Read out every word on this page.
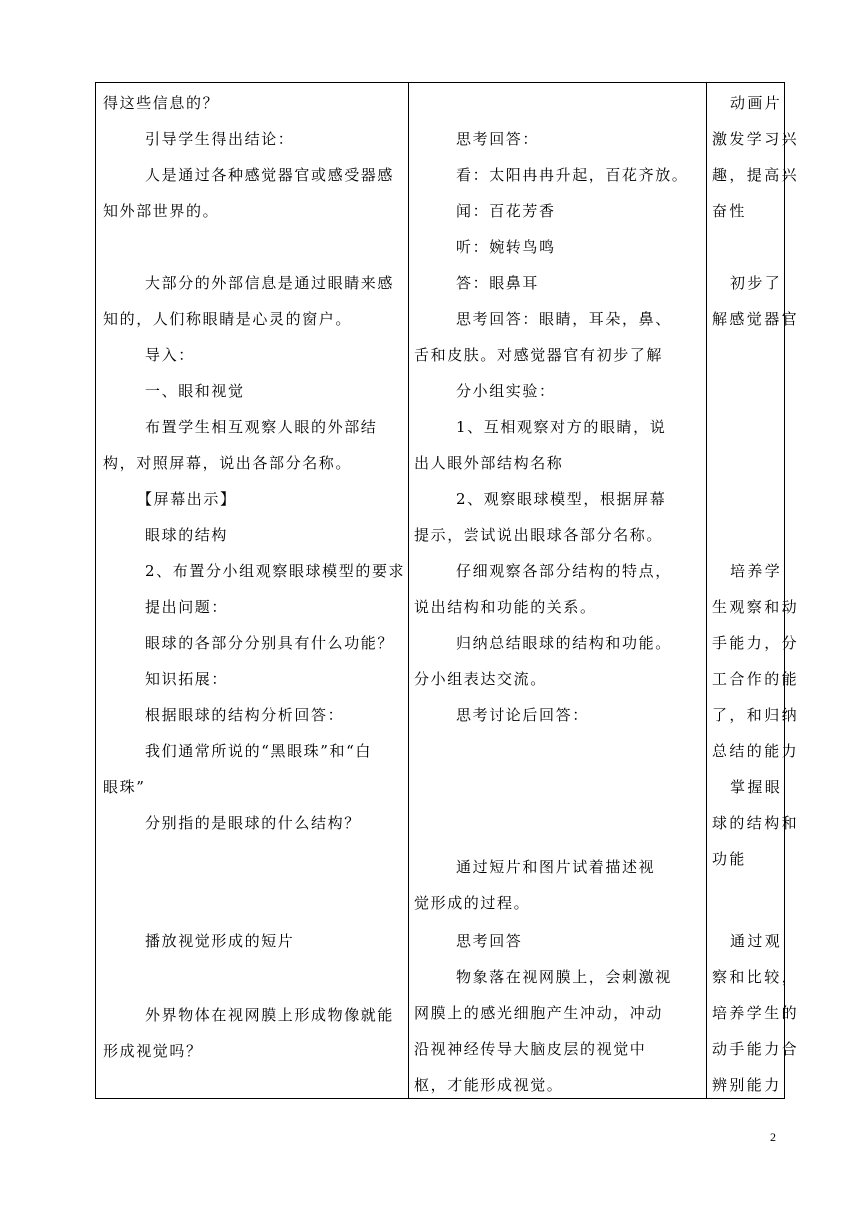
得这些信息的？
引导学生得出结论：
人是通过各种感觉器官或感受器感
知外部世界的。
大部分的外部信息是通过眼睛来感
知的，人们称眼睛是心灵的窗户。
导入：
一、眼和视觉
布置学生相互观察人眼的外部结
构，对照屏幕，说出各部分名称。
【屏幕出示】
眼球的结构
2、布置分小组观察眼球模型的要求
提出问题：
眼球的各部分分别具有什么功能？
知识拓展：
根据眼球的结构分析回答：
我们通常所说的“黑眼珠”和“白
眼珠”
分别指的是眼球的什么结构？
播放视觉形成的短片
外界物体在视网膜上形成物像就能
形成视觉吗？
思考回答：
看：太阳冉冉升起，百花齐放。
闻：百花芳香
听：婉转鸟鸣
答：眼鼻耳
思考回答：眼睛，耳朵，鼻、
舌和皮肤。对感觉器官有初步了解
分小组实验：
1、互相观察对方的眼睛，说
出人眼外部结构名称
2、观察眼球模型，根据屏幕
提示，尝试说出眼球各部分名称。
仔细观察各部分结构的特点，
说出结构和功能的关系。
归纳总结眼球的结构和功能。
分小组表达交流。
思考讨论后回答：
通过短片和图片试着描述视
觉形成的过程。
思考回答
物象落在视网膜上，会刺激视
网膜上的感光细胞产生冲动，冲动
沿视神经传导大脑皮层的视觉中
枢，才能形成视觉。
动画片
激发学习兴
趣，提高兴
奋性
初步了
解感觉器官
培养学
生观察和动
手能力，分
工合作的能
了，和归纳
总结的能力
掌握眼
球的结构和
功能
通过观
察和比较，
培养学生的
动手能力合
辨别能力
2
